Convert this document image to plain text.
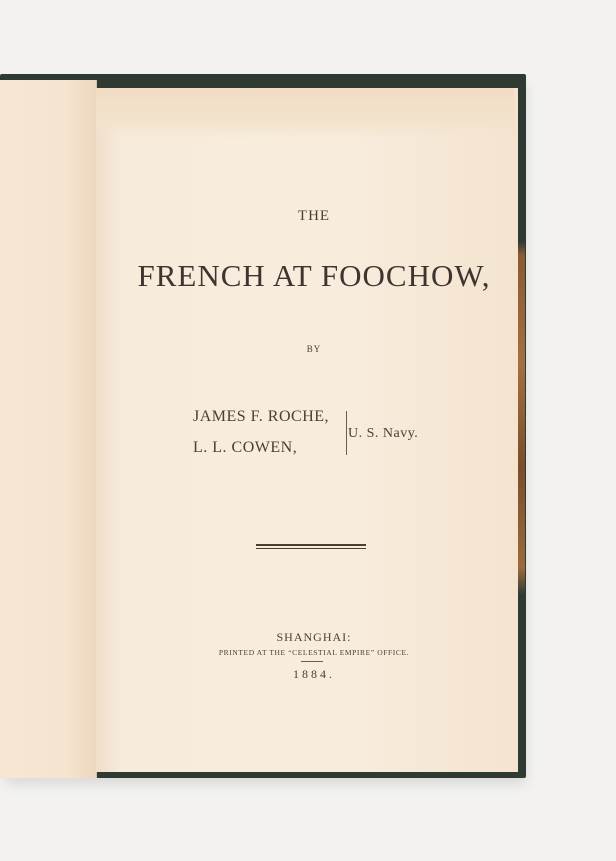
THE
FRENCH AT FOOCHOW,
BY
JAMES F. ROCHE,
L. L. COWEN,
U. S. Navy.
SHANGHAI:
PRINTED AT THE “CELESTIAL EMPIRE” OFFICE.
1884.
